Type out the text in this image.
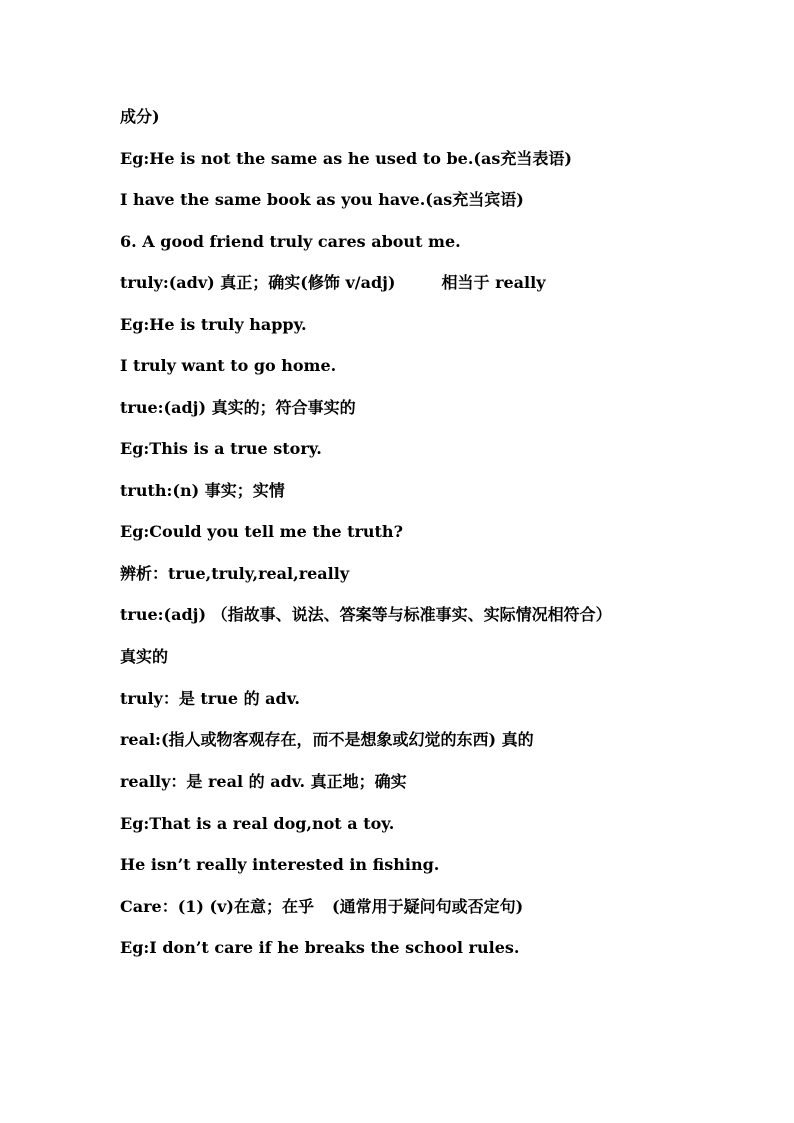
成分)

Eg:He is not the same as he used to be.(as充当表语)

I have the same book as you have.(as充当宾语)

6. A good friend truly cares about me.

truly:(adv) 真正；确实(修饰 v/adj)	相当于 really

Eg:He is truly happy.

I truly want to go home.

true:(adj) 真实的；符合事实的

Eg:This is a true story.

truth:(n) 事实；实情

Eg:Could you tell me the truth?

辨析：true,truly,real,really

true:(adj) （指故事、说法、答案等与标准事实、实际情况相符合）

真实的

truly：是 true 的 adv.

real:(指人或物客观存在，而不是想象或幻觉的东西) 真的

really：是 real 的 adv. 真正地；确实

Eg:That is a real dog,not a toy.

He isn’t really interested in fishing.

Care：(1) (v)在意；在乎 (通常用于疑问句或否定句)

Eg:I don’t care if he breaks the school rules.
